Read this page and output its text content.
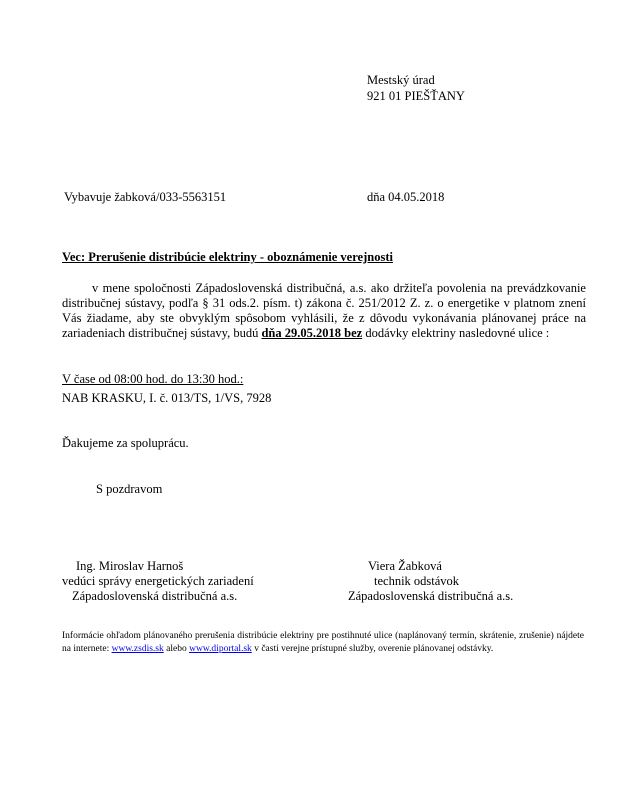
Mestský úrad
921 01 PIEŠŤANY
Vybavuje žabková/033-5563151	dňa 04.05.2018
Vec: Prerušenie distribúcie elektriny - oboznámenie verejnosti
v mene spoločnosti Západoslovenská distribučná, a.s. ako držiteľa povolenia na prevádzkovanie distribučnej sústavy, podľa § 31 ods.2. písm. t) zákona č. 251/2012 Z. z. o energetike v platnom znení Vás žiadame, aby ste obvyklým spôsobom vyhlásili, že z dôvodu vykonávania plánovanej práce na zariadeniach distribučnej sústavy, budú dňa 29.05.2018 bez dodávky elektriny nasledovné ulice :
V čase od 08:00 hod. do 13:30 hod.:
NAB KRASKU, I. č. 013/TS, 1/VS, 7928
Ďakujeme za spoluprácu.
S pozdravom
Ing. Miroslav Harnoš
vedúci správy energetických zariadení
Západoslovenská distribučná a.s.
Viera Žabková
technik odstávok
Západoslovenská distribučná a.s.
Informácie ohľadom plánovaného prerušenia distribúcie elektriny pre postihnuté ulice (naplánovaný termín, skrátenie, zrušenie) nájdete na internete: www.zsdis.sk alebo www.diportal.sk v časti verejne prístupné služby, overenie plánovanej odstávky.
